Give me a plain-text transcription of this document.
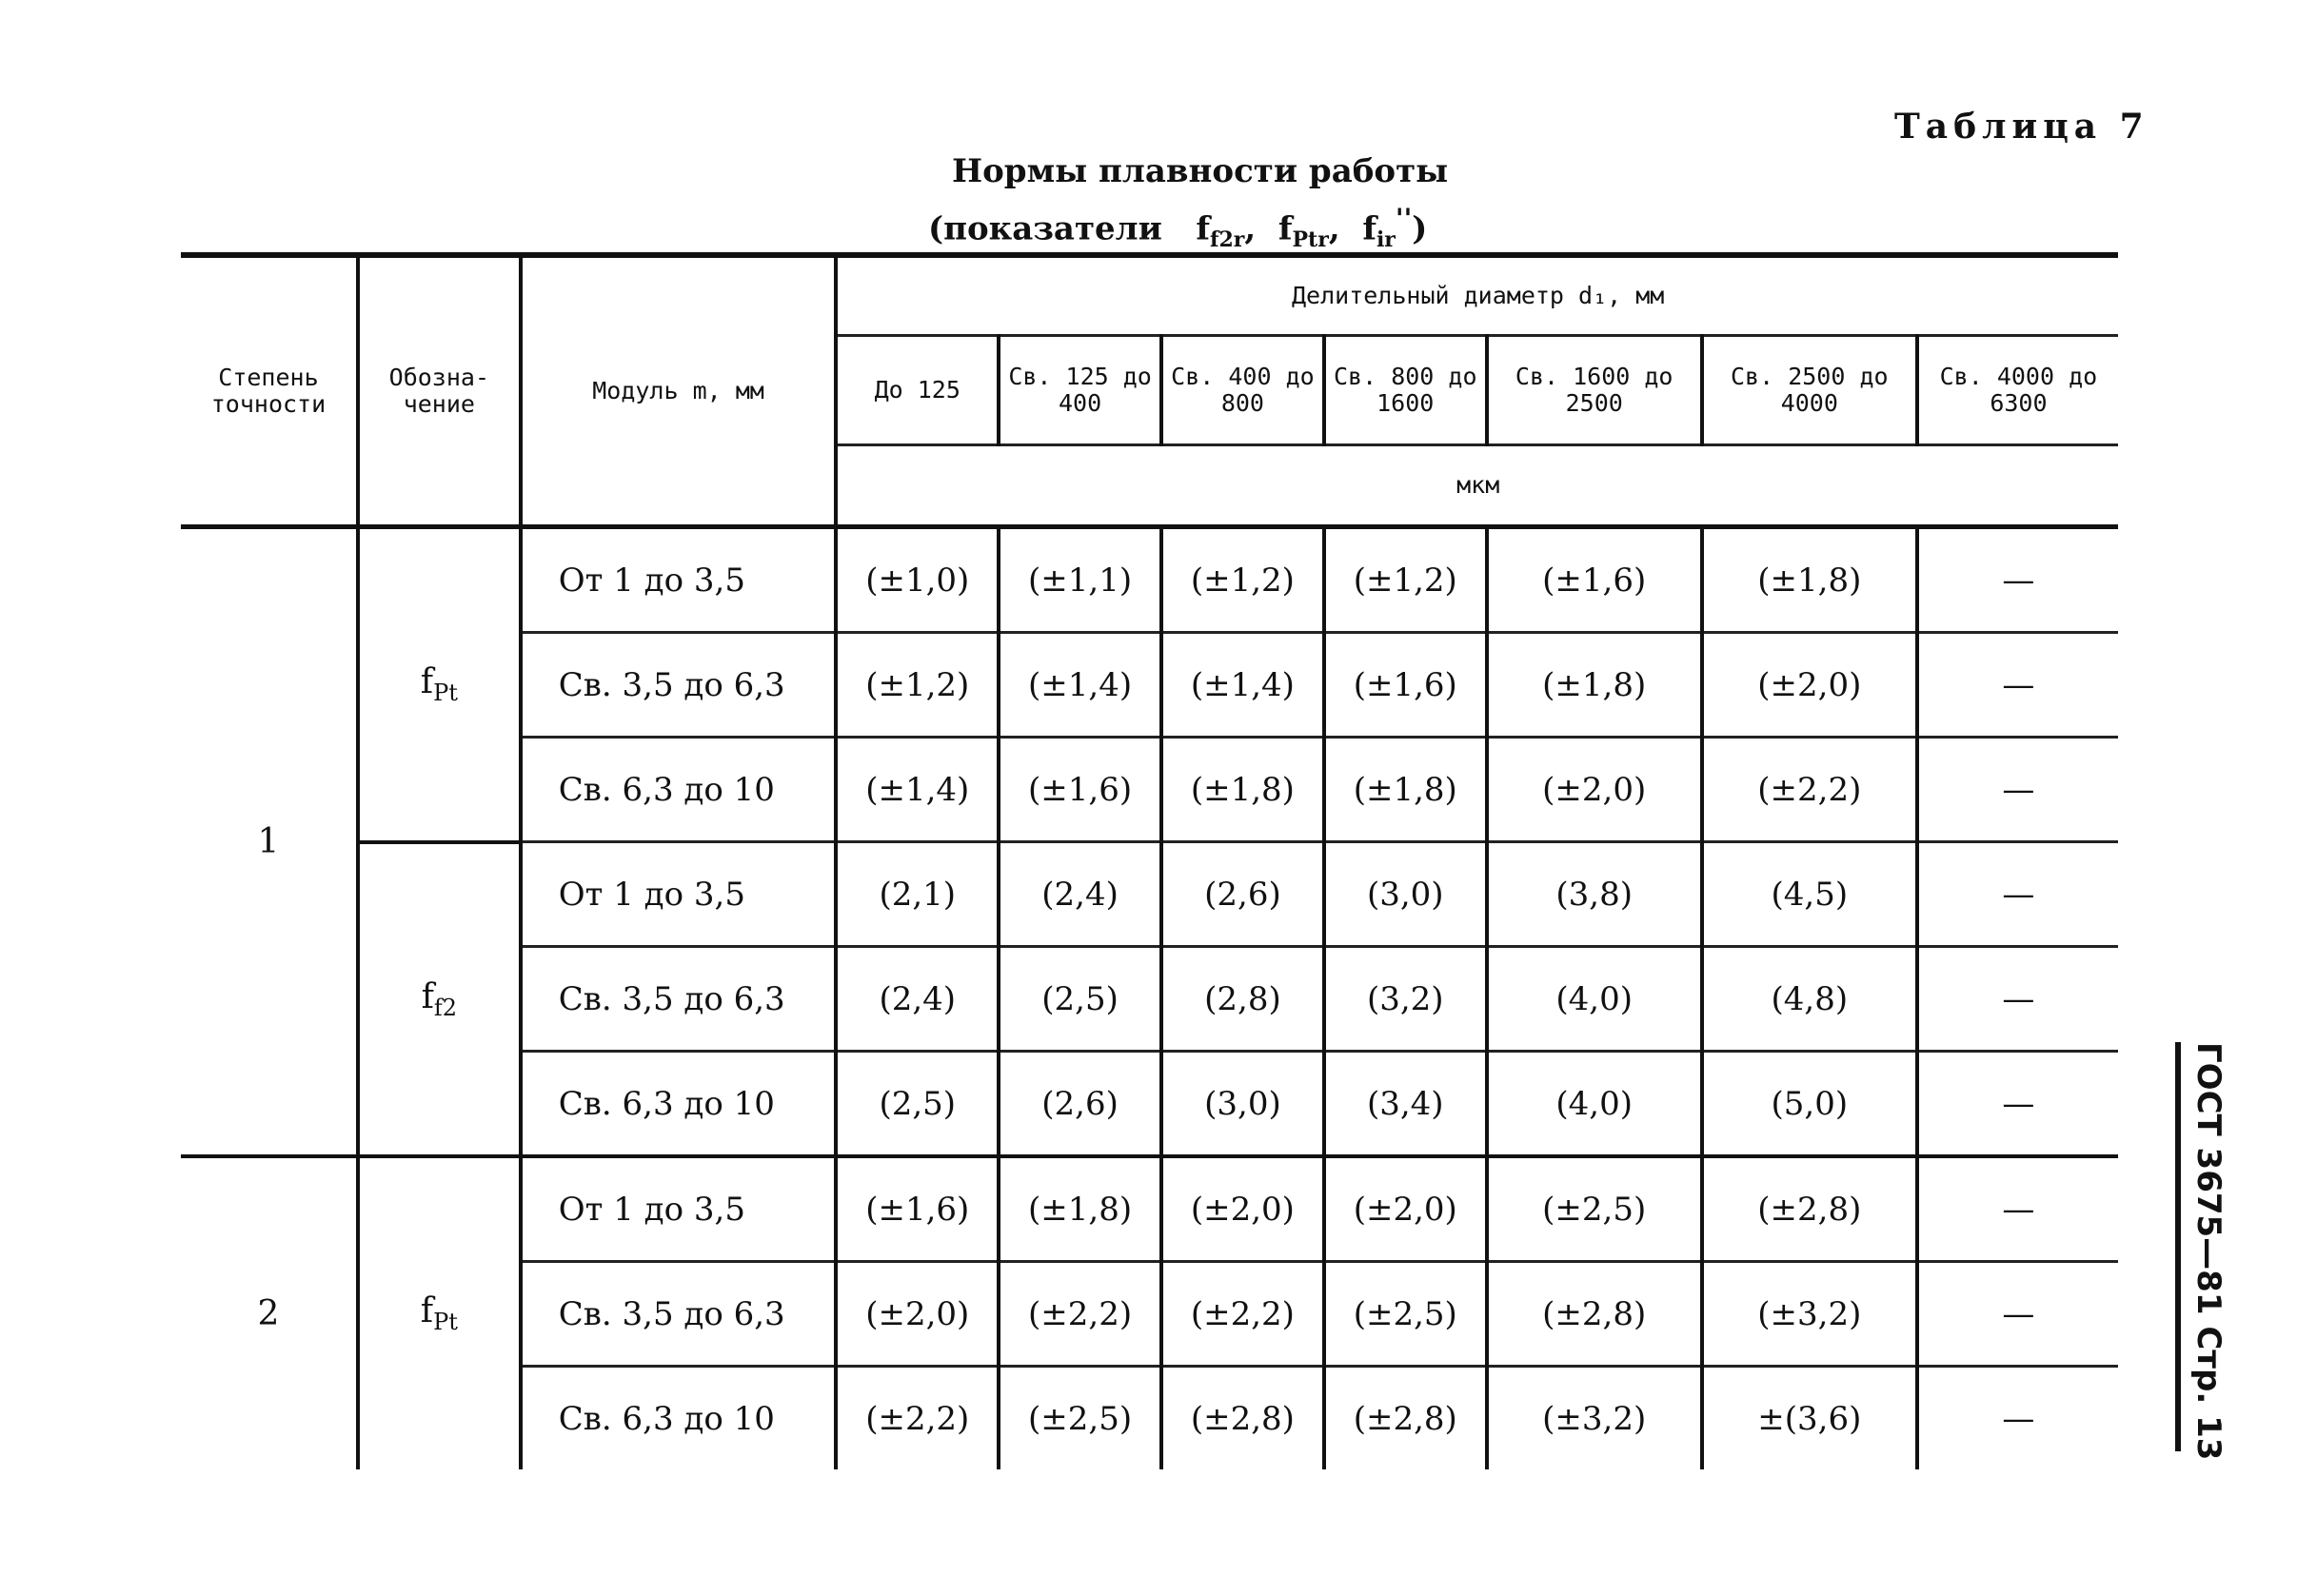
Таблица 7
Нормы плавности работы
(показатели   $f_{f2r}$,  $f_{Ptr}$,  $f_{ir}''$)
Степень точности	Обозна-чение	Модуль m, мм	Делительный диаметр d₁, мм						
			До 125	Св. 125 до 400	Св. 400 до 800	Св. 800 до 1600	Св. 1600 до 2500	Св. 2500 до 4000	Св. 4000 до 6300
			мкм						
1	$f_{Pt}$	От 1 до 3,5	(±1,0)	(±1,1)	(±1,2)	(±1,2)	(±1,6)	(±1,8)	—
		Св. 3,5 до 6,3	(±1,2)	(±1,4)	(±1,4)	(±1,6)	(±1,8)	(±2,0)	—
		Св. 6,3 до 10	(±1,4)	(±1,6)	(±1,8)	(±1,8)	(±2,0)	(±2,2)	—
	$f_{f2}$	От 1 до 3,5	(2,1)	(2,4)	(2,6)	(3,0)	(3,8)	(4,5)	—
		Св. 3,5 до 6,3	(2,4)	(2,5)	(2,8)	(3,2)	(4,0)	(4,8)	—
		Св. 6,3 до 10	(2,5)	(2,6)	(3,0)	(3,4)	(4,0)	(5,0)	—
2	$f_{Pt}$	От 1 до 3,5	(±1,6)	(±1,8)	(±2,0)	(±2,0)	(±2,5)	(±2,8)	—
		Св. 3,5 до 6,3	(±2,0)	(±2,2)	(±2,2)	(±2,5)	(±2,8)	(±3,2)	—
		Св. 6,3 до 10	(±2,2)	(±2,5)	(±2,8)	(±2,8)	(±3,2)	±(3,6)	—	ГОСТ 3675—81 Стр. 13
